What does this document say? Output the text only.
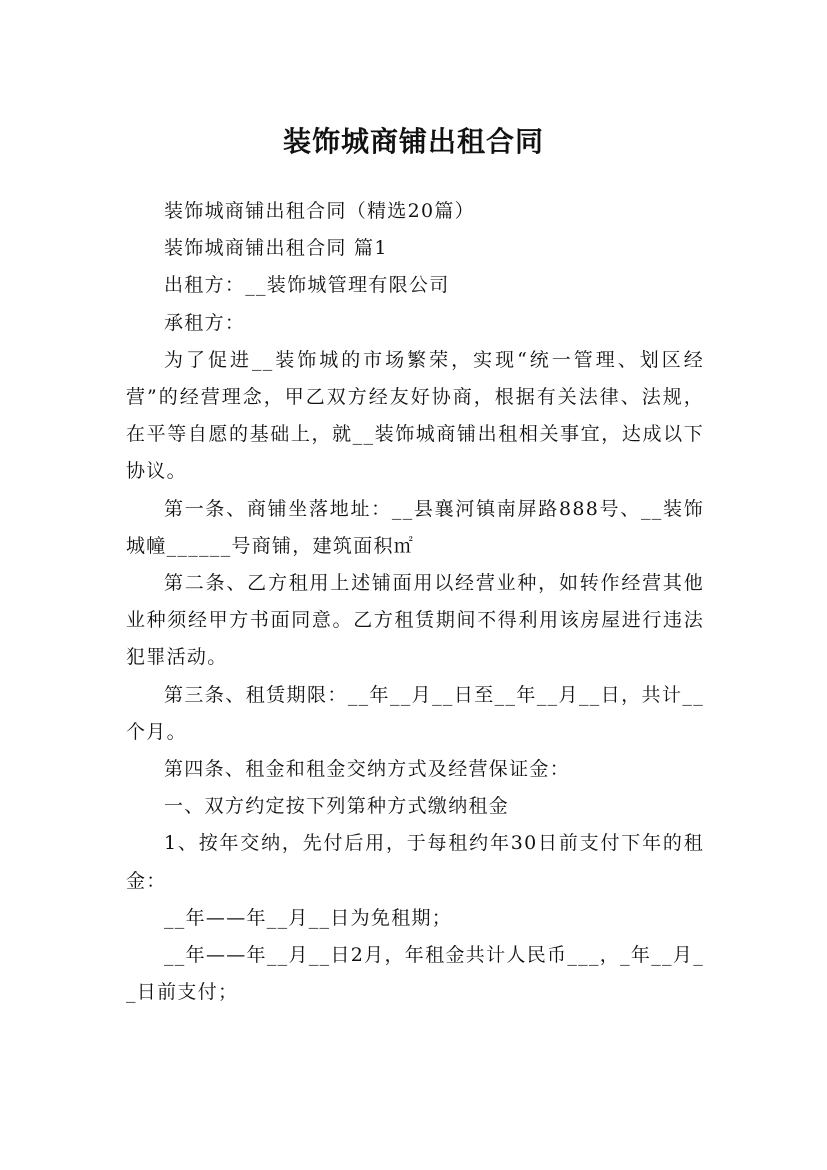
装饰城商铺出租合同

装饰城商铺出租合同（精选20篇）

装饰城商铺出租合同 篇1

出租方：__装饰城管理有限公司

承租方：

为了促进__装饰城的市场繁荣，实现“统一管理、划区经营”的经营理念，甲乙双方经友好协商，根据有关法律、法规，在平等自愿的基础上，就__装饰城商铺出租相关事宜，达成以下协议。

第一条、商铺坐落地址：__县襄河镇南屏路888号、__装饰城幢______号商铺，建筑面积㎡

第二条、乙方租用上述铺面用以经营业种，如转作经营其他业种须经甲方书面同意。乙方租赁期间不得利用该房屋进行违法犯罪活动。

第三条、租赁期限：__年__月__日至__年__月__日，共计__个月。

第四条、租金和租金交纳方式及经营保证金：

一、双方约定按下列第种方式缴纳租金

1、按年交纳，先付后用，于每租约年30日前支付下年的租金：

__年——年__月__日为免租期；

__年——年__月__日2月，年租金共计人民币___，_年__月__日前支付；
